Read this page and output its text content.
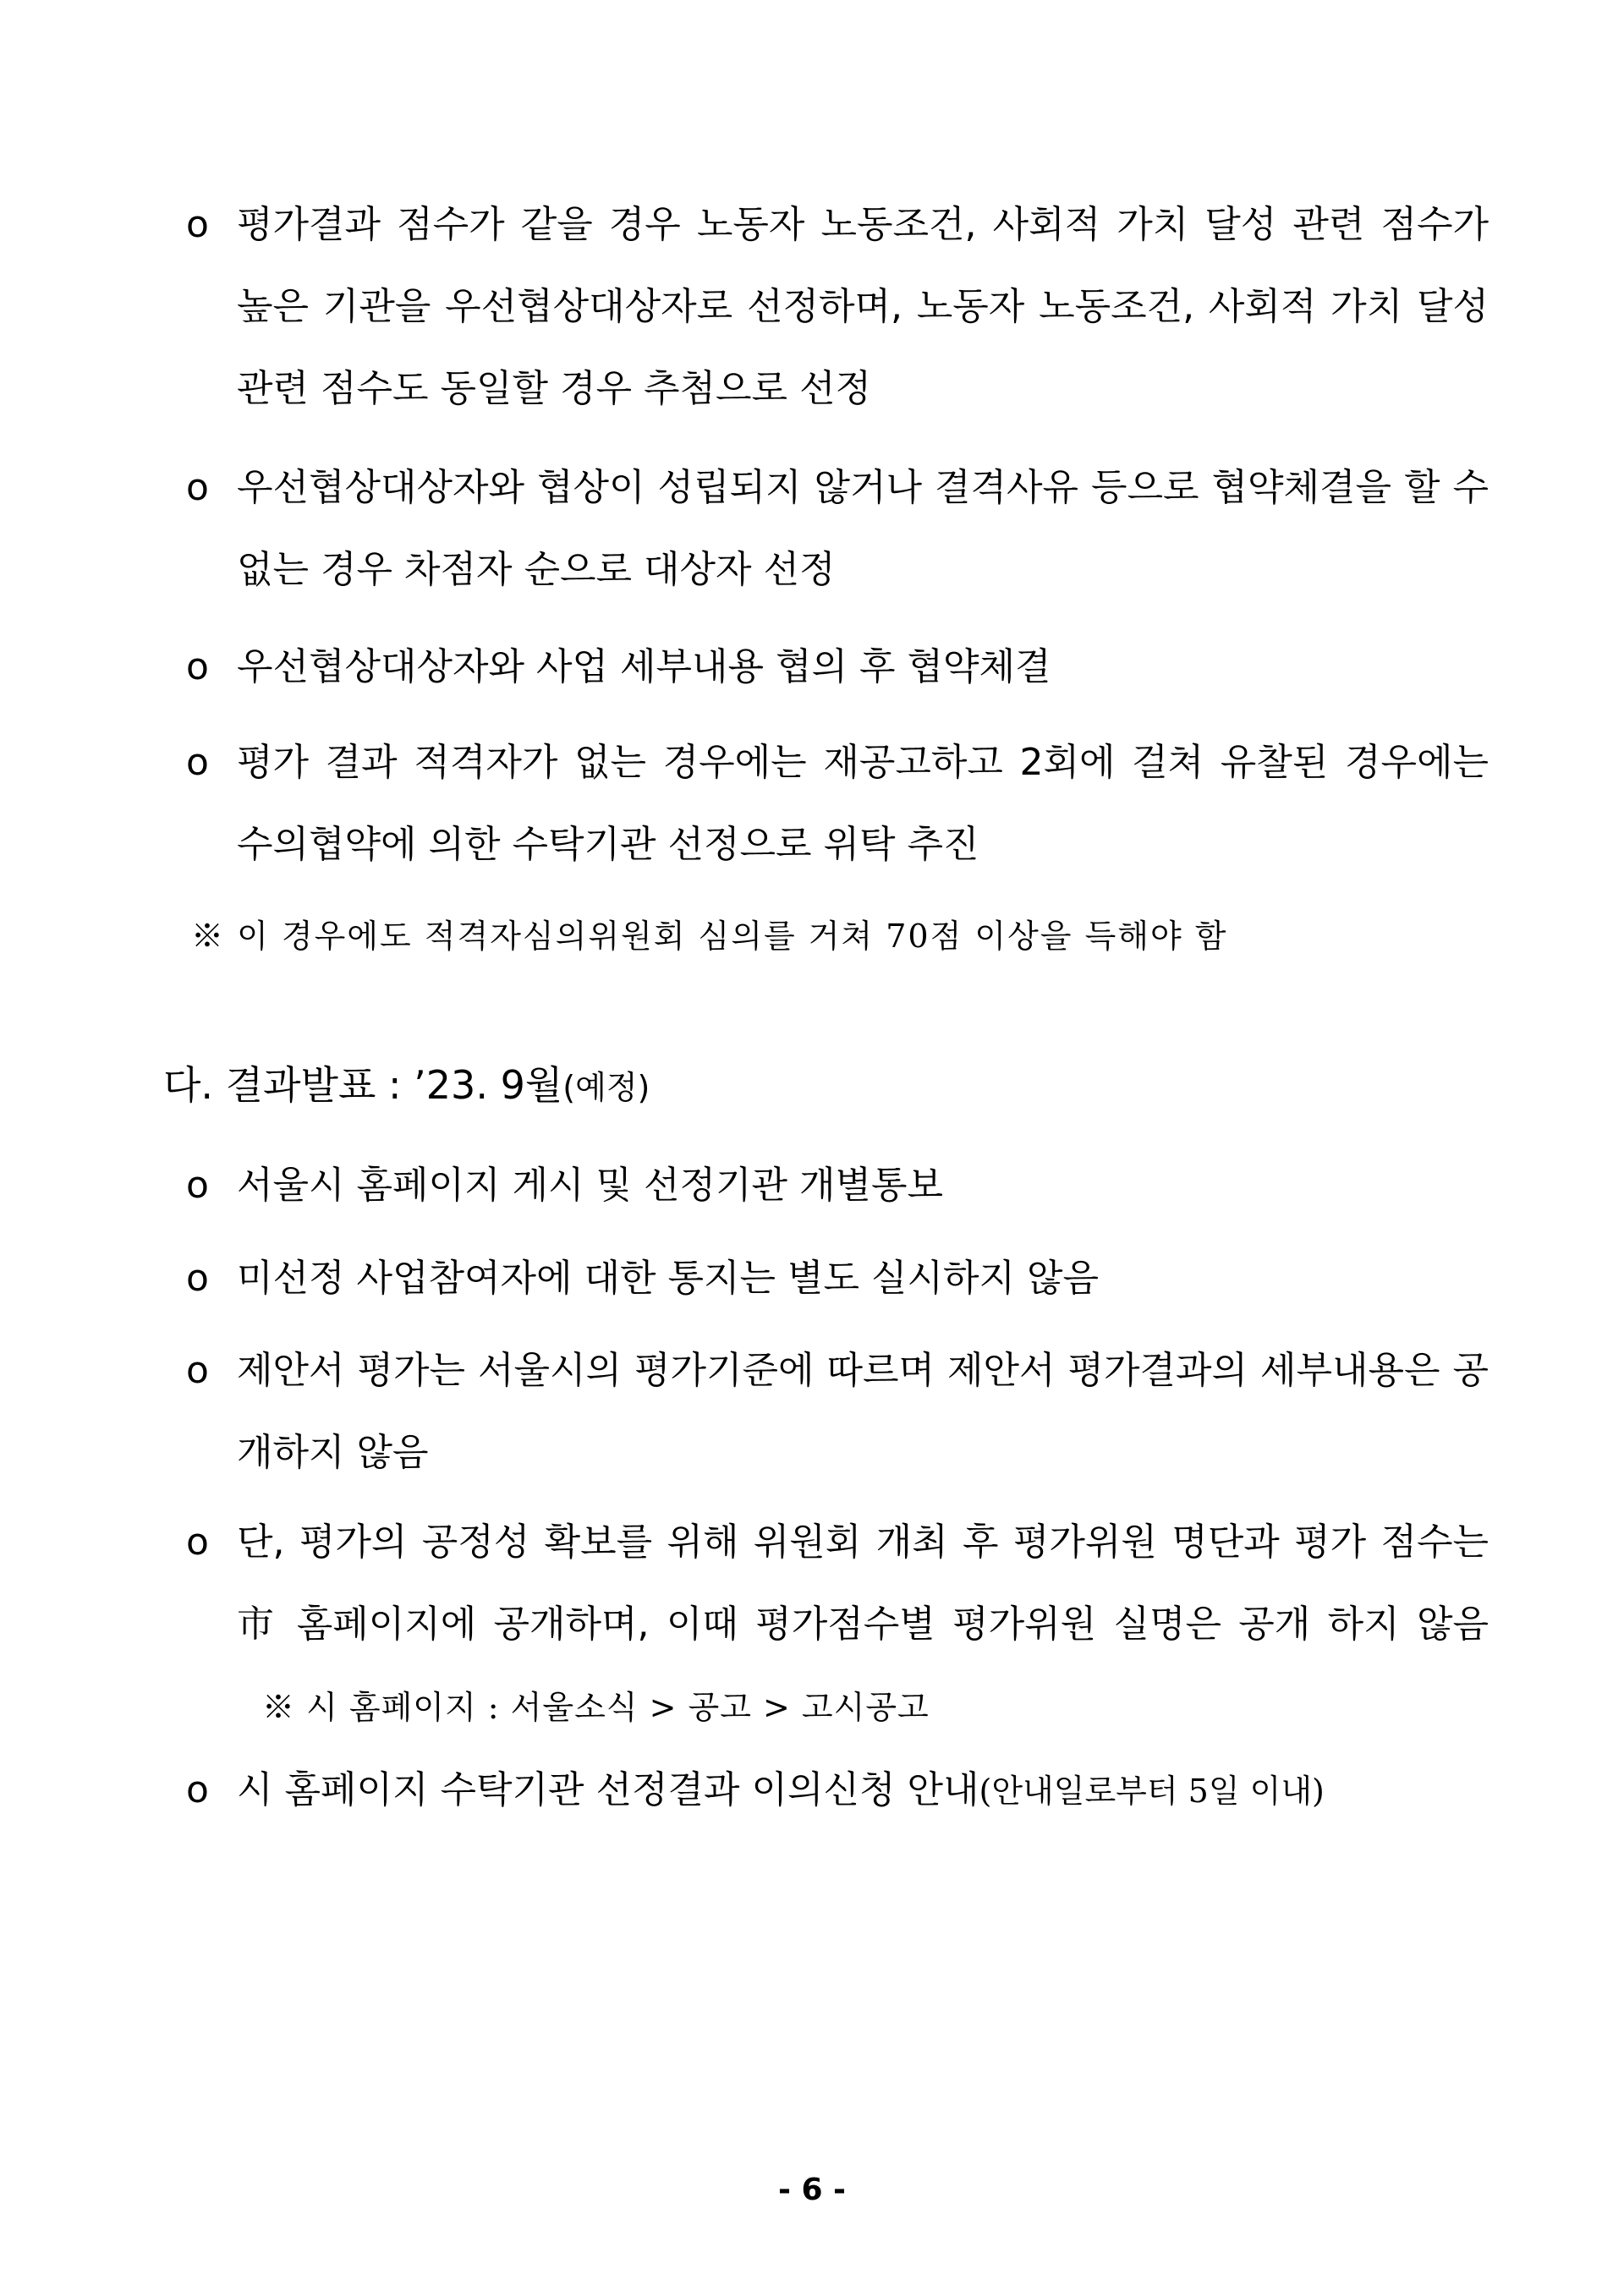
o 평가결과 점수가 같을 경우 노동자 노동조건, 사회적 가치 달성 관련 점수가 높은 기관을 우선협상대상자로 선정하며, 노동자 노동조건, 사회적 가치 달성 관련 점수도 동일할 경우 추첨으로 선정
o 우선협상대상자와 협상이 성립되지 않거나 결격사유 등으로 협약체결을 할 수 없는 경우 차점자 순으로 대상자 선정
o 우선협상대상자와 사업 세부내용 협의 후 협약체결
o 평가 결과 적격자가 없는 경우에는 재공고하고 2회에 걸쳐 유찰된 경우에는 수의협약에 의한 수탁기관 선정으로 위탁 추진
※ 이 경우에도 적격자심의위원회 심의를 거쳐 70점 이상을 득해야 함
다. 결과발표 : ’23. 9월(예정)
o 서울시 홈페이지 게시 및 선정기관 개별통보
o 미선정 사업참여자에 대한 통지는 별도 실시하지 않음
o 제안서 평가는 서울시의 평가기준에 따르며 제안서 평가결과의 세부내용은 공개하지 않음
o 단, 평가의 공정성 확보를 위해 위원회 개최 후 평가위원 명단과 평가 점수는 市 홈페이지에 공개하며, 이때 평가점수별 평가위원 실명은 공개 하지 않음※ 시 홈페이지 : 서울소식 > 공고 > 고시공고
o 시 홈페이지 수탁기관 선정결과 이의신청 안내(안내일로부터 5일 이내)
- 6 -
